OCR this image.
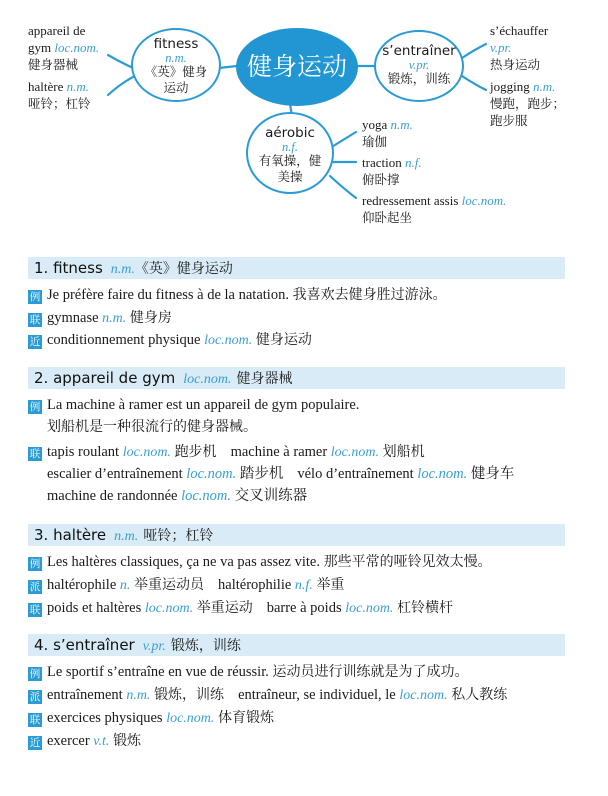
健身运动
fitness
n.m.
《英》健身
运动
s’entraîner
v.pr.
锻炼，训练
aérobic
n.f.
有氧操，健
美操
appareil de
gym loc.nom.
健身器械
haltère n.m.
哑铃；杠铃
s’échauffer
v.pr.
热身运动
jogging n.m.
慢跑，跑步；
跑步服
yoga n.m.
瑜伽
traction n.f.
俯卧撑
redressement assis loc.nom.
仰卧起坐
1. fitness n.m.《英》健身运动
例 Je préfère faire du fitness à de la natation. 我喜欢去健身胜过游泳。
联 gymnase n.m. 健身房
近 conditionnement physique loc.nom. 健身运动
2. appareil de gym loc.nom. 健身器械
例 La machine à ramer est un appareil de gym populaire.
划船机是一种很流行的健身器械。
联 tapis roulant loc.nom. 跑步机 machine à ramer loc.nom. 划船机
escalier d’entraînement loc.nom. 踏步机 vélo d’entraînement loc.nom. 健身车
machine de randonnée loc.nom. 交叉训练器
3. haltère n.m. 哑铃；杠铃
例 Les haltères classiques, ça ne va pas assez vite. 那些平常的哑铃见效太慢。
派 haltérophile n. 举重运动员 haltérophilie n.f. 举重
联 poids et haltères loc.nom. 举重运动 barre à poids loc.nom. 杠铃横杆
4. s’entraîner v.pr. 锻炼，训练
例 Le sportif s’entraîne en vue de réussir. 运动员进行训练就是为了成功。
派 entraînement n.m. 锻炼，训练 entraîneur, se individuel, le loc.nom. 私人教练
联 exercices physiques loc.nom. 体育锻炼
近 exercer v.t. 锻炼
